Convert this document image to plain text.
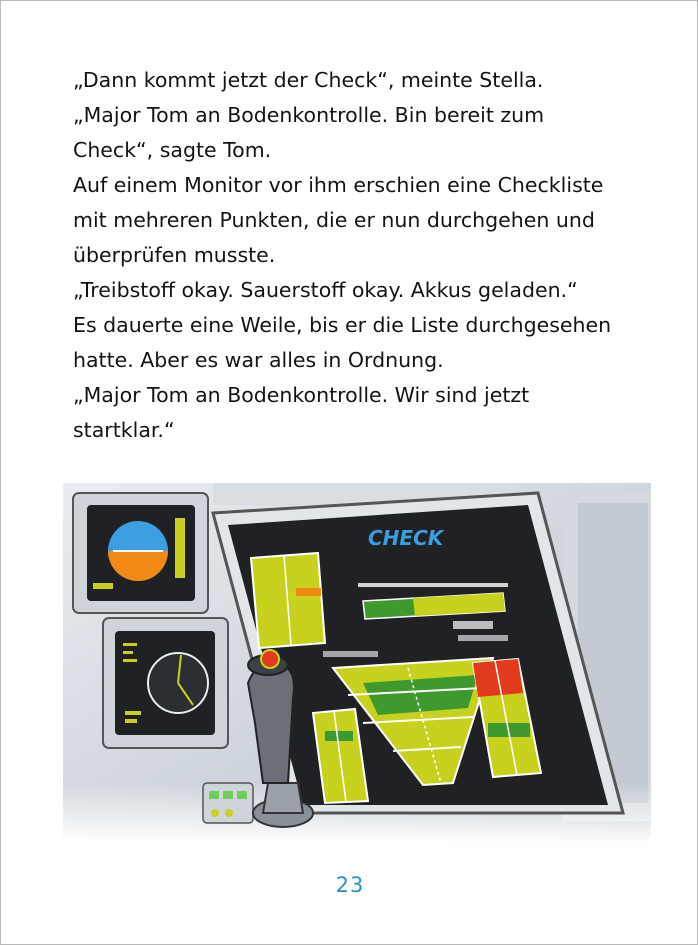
„Dann kommt jetzt der Check“, meinte Stella.
„Major Tom an Bodenkontrolle. Bin bereit zum
Check“, sagte Tom.
Auf einem Monitor vor ihm erschien eine Checkliste
mit mehreren Punkten, die er nun durchgehen und
überprüfen musste.
„Treibstoff okay. Sauerstoff okay. Akkus geladen.“
Es dauerte eine Weile, bis er die Liste durchgesehen
hatte. Aber es war alles in Ordnung.
„Major Tom an Bodenkontrolle. Wir sind jetzt
startklar.“
CHECK
23
